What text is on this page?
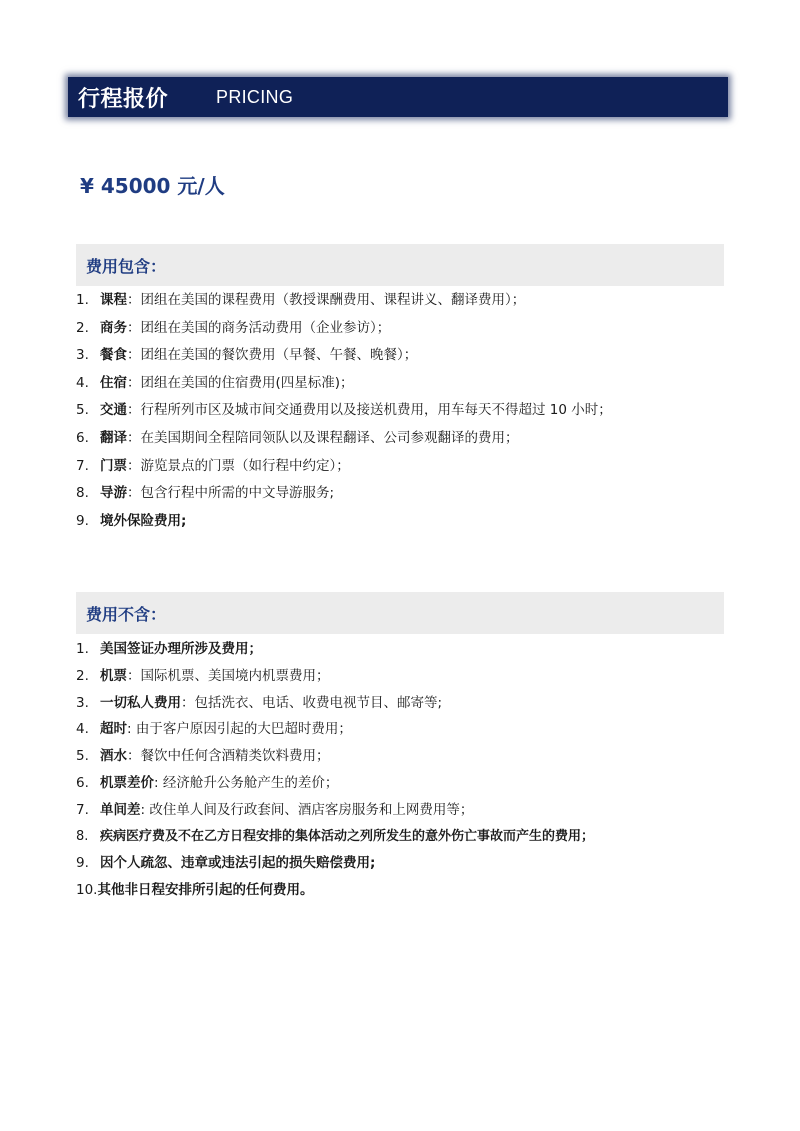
行程报价	PRICING
¥ 45000 元/人
费用包含：
1. 课程：团组在美国的课程费用（教授课酬费用、课程讲义、翻译费用）；
2. 商务：团组在美国的商务活动费用（企业参访）；
3. 餐食：团组在美国的餐饮费用（早餐、午餐、晚餐）；
4. 住宿：团组在美国的住宿费用(四星标准)；
5. 交通：行程所列市区及城市间交通费用以及接送机费用，用车每天不得超过 10 小时；
6. 翻译：在美国期间全程陪同领队以及课程翻译、公司参观翻译的费用；
7. 门票：游览景点的门票（如行程中约定）；
8. 导游：包含行程中所需的中文导游服务;
9. 境外保险费用;
费用不含：
1. 美国签证办理所涉及费用；
2. 机票：国际机票、美国境内机票费用；
3. 一切私人费用：包括洗衣、电话、收费电视节目、邮寄等;
4. 超时: 由于客户原因引起的大巴超时费用；
5. 酒水：餐饮中任何含酒精类饮料费用；
6. 机票差价: 经济舱升公务舱产生的差价；
7. 单间差: 改住单人间及行政套间、酒店客房服务和上网费用等；
8. 疾病医疗费及不在乙方日程安排的集体活动之列所发生的意外伤亡事故而产生的费用；
9. 因个人疏忽、违章或违法引起的损失赔偿费用;
10.其他非日程安排所引起的任何费用。
